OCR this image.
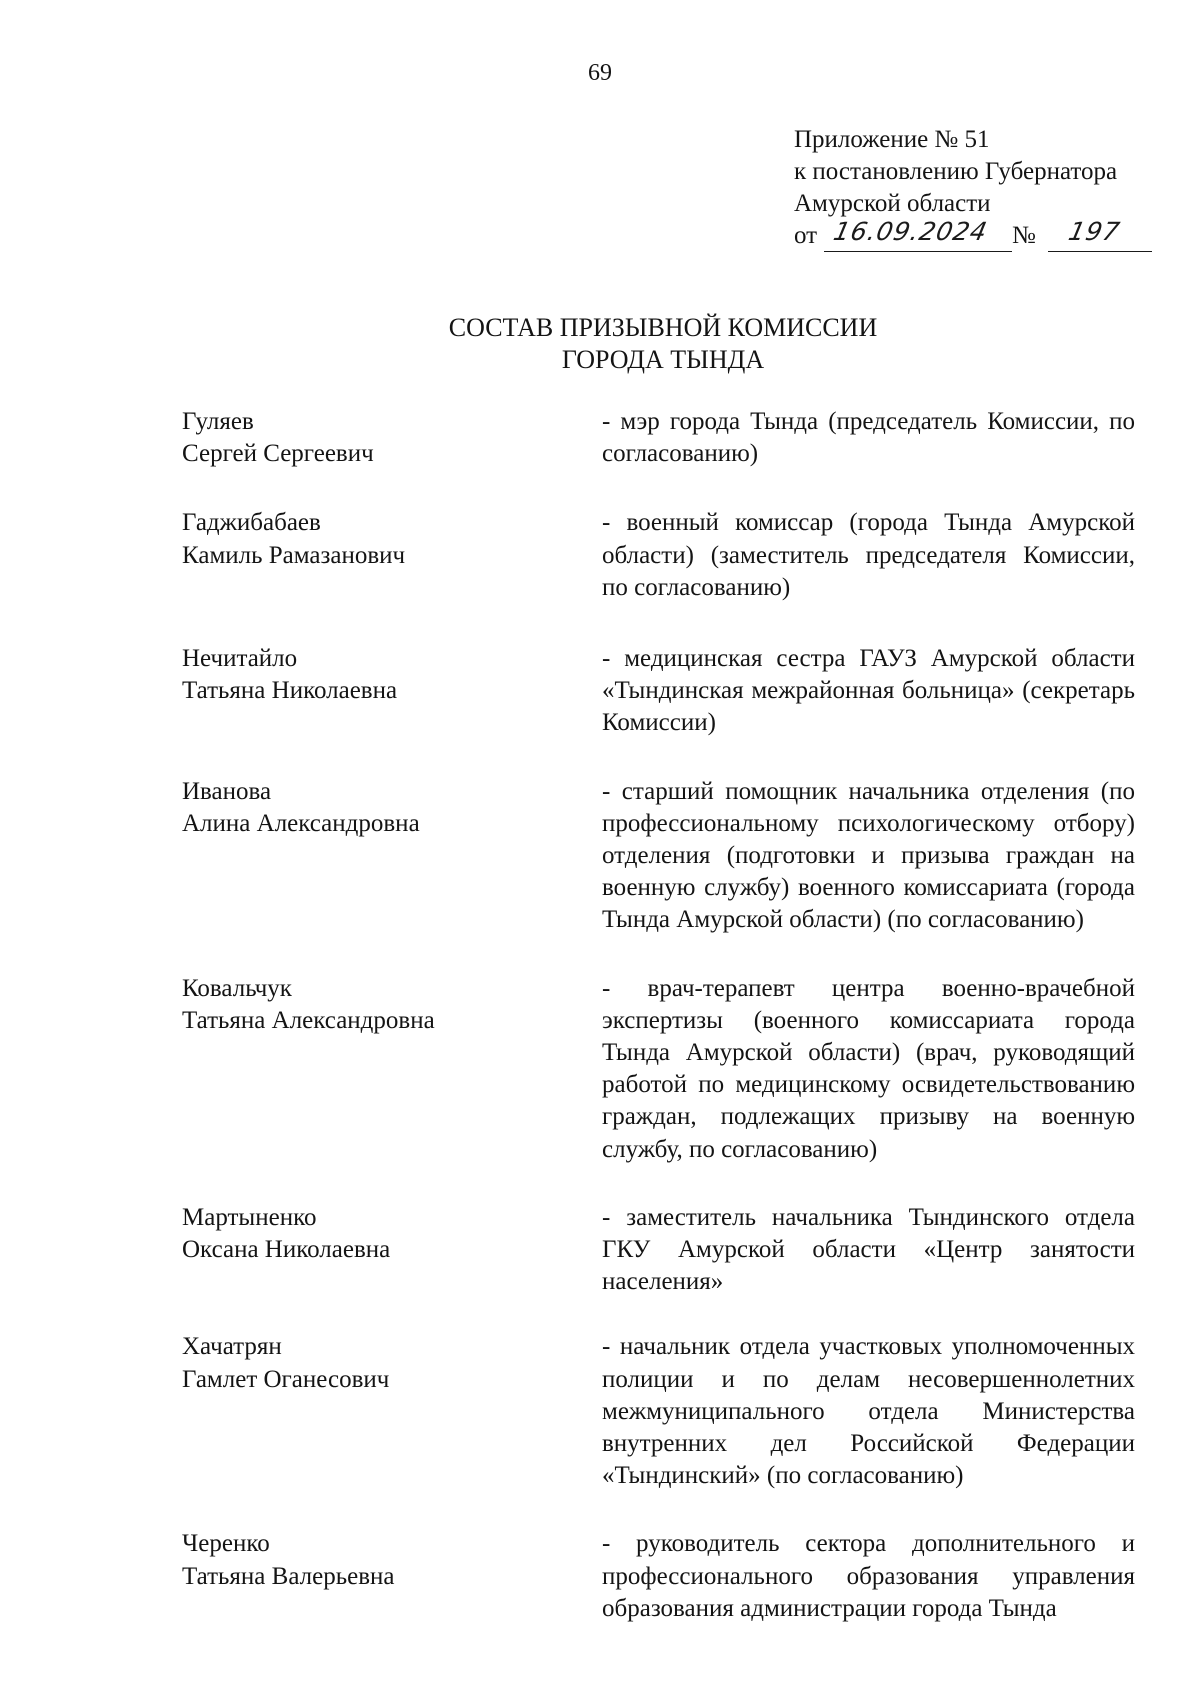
69
Приложение № 51
к постановлению Губернатора
Амурской области
от 16.09.2024 № 197
СОСТАВ ПРИЗЫВНОЙ КОМИССИИ
ГОРОДА ТЫНДА
Гуляев
Сергей Сергеевич
- мэр города Тында (председатель Комиссии, по согласованию)
Гаджибабаев
Камиль Рамазанович
- военный комиссар (города Тында Амурской области) (заместитель председателя Комиссии, по согласованию)
Нечитайло
Татьяна Николаевна
- медицинская сестра ГАУЗ Амурской области «Тындинская межрайонная больница» (секретарь Комиссии)
Иванова
Алина Александровна
- старший помощник начальника отделения (по профессиональному психологическому отбору) отделения (подготовки и призыва граждан на военную службу) военного комиссариата (города Тында Амурской области) (по согласованию)
Ковальчук
Татьяна Александровна
- врач-терапевт центра военно-врачебной экспертизы (военного комиссариата города Тында Амурской области) (врач, руководящий работой по медицинскому освидетельствованию граждан, подлежащих призыву на военную службу, по согласованию)
Мартыненко
Оксана Николаевна
- заместитель начальника Тындинского отдела ГКУ Амурской области «Центр занятости населения»
Хачатрян
Гамлет Оганесович
- начальник отдела участковых уполномоченных полиции и по делам несовершеннолетних межмуниципального отдела Министерства внутренних дел Российской Федерации «Тындинский» (по согласованию)
Черенко
Татьяна Валерьевна
- руководитель сектора дополнительного и профессионального образования управления образования администрации города Тында
